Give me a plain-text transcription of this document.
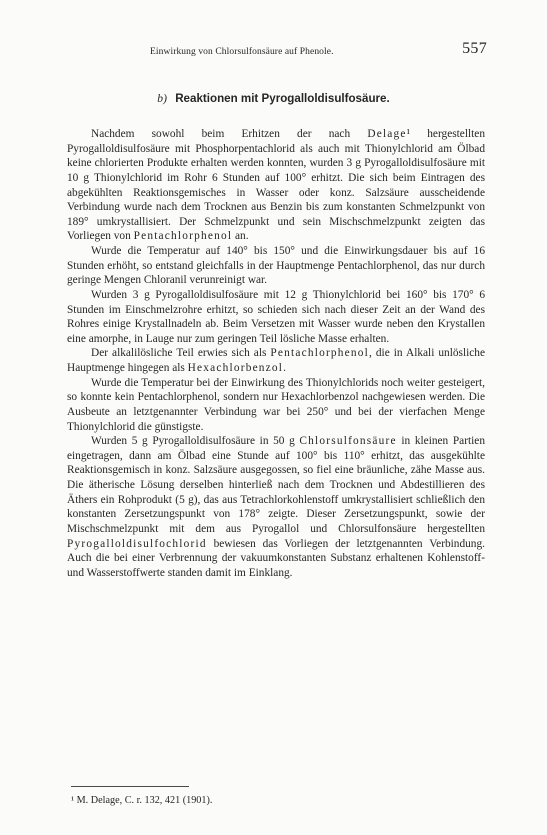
Einwirkung von Chlorsulfonsäure auf Phenole.	557
b) Reaktionen mit Pyrogalloldisulfosäure.

Nachdem sowohl beim Erhitzen der nach Delage¹ hergestellten Pyrogalloldisulfosäure mit Phosphorpentachlorid als auch mit Thionylchlorid am Ölbad keine chlorierten Produkte erhalten werden konnten, wurden 3 g Pyrogalloldisulfosäure mit 10 g Thionylchlorid im Rohr 6 Stunden auf 100° erhitzt. Die sich beim Eintragen des abgekühlten Reaktionsgemisches in Wasser oder konz. Salzsäure ausscheidende Verbindung wurde nach dem Trocknen aus Benzin bis zum konstanten Schmelzpunkt von 189° umkrystallisiert. Der Schmelzpunkt und sein Mischschmelzpunkt zeigten das Vorliegen von Pentachlorphenol an.

Wurde die Temperatur auf 140° bis 150° und die Einwirkungsdauer bis auf 16 Stunden erhöht, so entstand gleichfalls in der Hauptmenge Pentachlorphenol, das nur durch geringe Mengen Chloranil verunreinigt war.

Wurden 3 g Pyrogalloldisulfosäure mit 12 g Thionylchlorid bei 160° bis 170° 6 Stunden im Einschmelzrohre erhitzt, so schieden sich nach dieser Zeit an der Wand des Rohres einige Krystallnadeln ab. Beim Versetzen mit Wasser wurde neben den Krystallen eine amorphe, in Lauge nur zum geringen Teil lösliche Masse erhalten.

Der alkalilösliche Teil erwies sich als Pentachlorphenol, die in Alkali unlösliche Hauptmenge hingegen als Hexachlorbenzol.

Wurde die Temperatur bei der Einwirkung des Thionylchlorids noch weiter gesteigert, so konnte kein Pentachlorphenol, sondern nur Hexachlorbenzol nachgewiesen werden. Die Ausbeute an letztgenannter Verbindung war bei 250° und bei der vierfachen Menge Thionylchlorid die günstigste.

Wurden 5 g Pyrogalloldisulfosäure in 50 g Chlorsulfonsäure in kleinen Partien eingetragen, dann am Ölbad eine Stunde auf 100° bis 110° erhitzt, das ausgekühlte Reaktionsgemisch in konz. Salzsäure ausgegossen, so fiel eine bräunliche, zähe Masse aus. Die ätherische Lösung derselben hinterließ nach dem Trocknen und Abdestillieren des Äthers ein Rohprodukt (5 g), das aus Tetrachlorkohlenstoff umkrystallisiert schließlich den konstanten Zersetzungspunkt von 178° zeigte. Dieser Zersetzungspunkt, sowie der Mischschmelzpunkt mit dem aus Pyrogallol und Chlorsulfonsäure hergestellten Pyrogalloldisulfochlorid bewiesen das Vorliegen der letztgenannten Verbindung. Auch die bei einer Verbrennung der vakuumkonstanten Substanz erhaltenen Kohlenstoff- und Wasserstoffwerte standen damit im Einklang.

¹ M. Delage, C. r. 132, 421 (1901).
